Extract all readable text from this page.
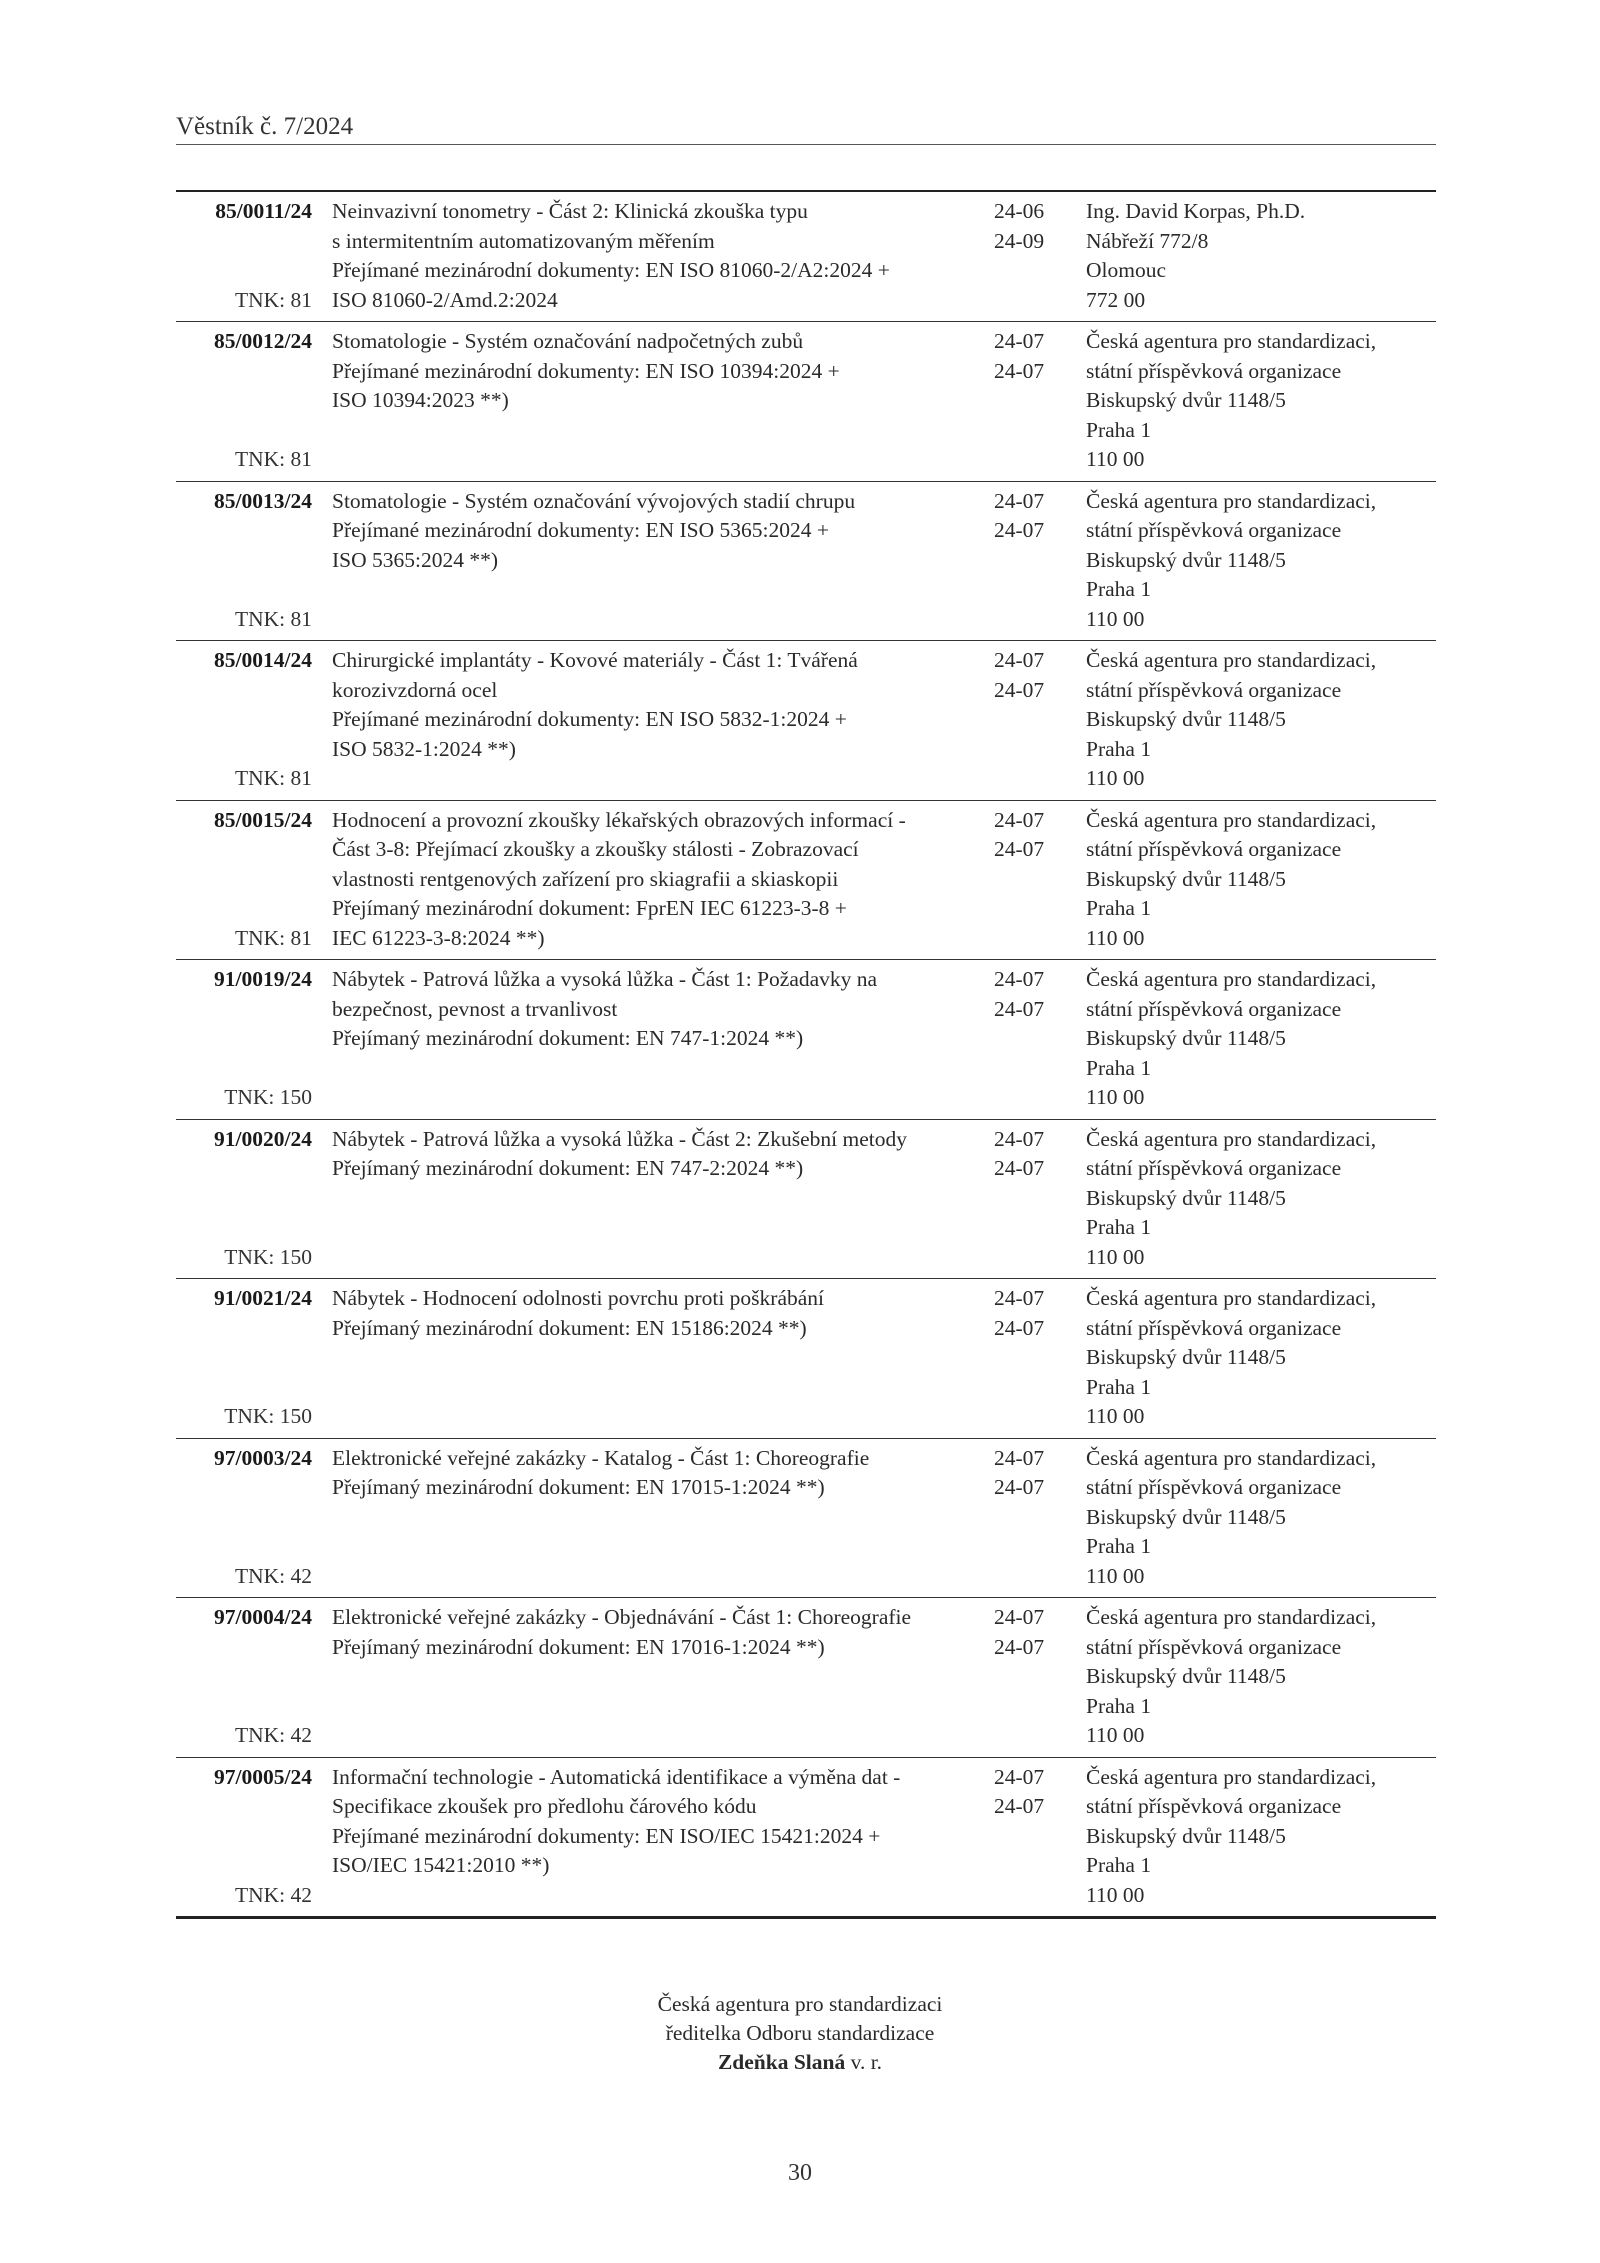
Věstník č. 7/2024
85/0011/24
TNK: 81
Neinvazivní tonometry - Část 2: Klinická zkouška typu
s intermitentním automatizovaným měřením
Přejímané mezinárodní dokumenty: EN ISO 81060-2/A2:2024 +
ISO 81060-2/Amd.2:2024
24-06
24-09
Ing. David Korpas, Ph.D.
Nábřeží 772/8
Olomouc
772 00
85/0012/24
TNK: 81
Stomatologie - Systém označování nadpočetných zubů
Přejímané mezinárodní dokumenty: EN ISO 10394:2024 +
ISO 10394:2023 **)
24-07
24-07
Česká agentura pro standardizaci,
státní příspěvková organizace
Biskupský dvůr 1148/5
Praha 1
110 00
85/0013/24
TNK: 81
Stomatologie - Systém označování vývojových stadií chrupu
Přejímané mezinárodní dokumenty: EN ISO 5365:2024 +
ISO 5365:2024 **)
24-07
24-07
Česká agentura pro standardizaci,
státní příspěvková organizace
Biskupský dvůr 1148/5
Praha 1
110 00
85/0014/24
TNK: 81
Chirurgické implantáty - Kovové materiály - Část 1: Tvářená
korozivzdorná ocel
Přejímané mezinárodní dokumenty: EN ISO 5832-1:2024 +
ISO 5832-1:2024 **)
24-07
24-07
Česká agentura pro standardizaci,
státní příspěvková organizace
Biskupský dvůr 1148/5
Praha 1
110 00
85/0015/24
TNK: 81
Hodnocení a provozní zkoušky lékařských obrazových informací -
Část 3-8: Přejímací zkoušky a zkoušky stálosti - Zobrazovací
vlastnosti rentgenových zařízení pro skiagrafii a skiaskopii
Přejímaný mezinárodní dokument: FprEN IEC 61223-3-8 +
IEC 61223-3-8:2024 **)
24-07
24-07
Česká agentura pro standardizaci,
státní příspěvková organizace
Biskupský dvůr 1148/5
Praha 1
110 00
91/0019/24
TNK: 150
Nábytek - Patrová lůžka a vysoká lůžka - Část 1: Požadavky na
bezpečnost, pevnost a trvanlivost
Přejímaný mezinárodní dokument: EN 747-1:2024 **)
24-07
24-07
Česká agentura pro standardizaci,
státní příspěvková organizace
Biskupský dvůr 1148/5
Praha 1
110 00
91/0020/24
TNK: 150
Nábytek - Patrová lůžka a vysoká lůžka - Část 2: Zkušební metody
Přejímaný mezinárodní dokument: EN 747-2:2024 **)
24-07
24-07
Česká agentura pro standardizaci,
státní příspěvková organizace
Biskupský dvůr 1148/5
Praha 1
110 00
91/0021/24
TNK: 150
Nábytek - Hodnocení odolnosti povrchu proti poškrábání
Přejímaný mezinárodní dokument: EN 15186:2024 **)
24-07
24-07
Česká agentura pro standardizaci,
státní příspěvková organizace
Biskupský dvůr 1148/5
Praha 1
110 00
97/0003/24
TNK: 42
Elektronické veřejné zakázky - Katalog - Část 1: Choreografie
Přejímaný mezinárodní dokument: EN 17015-1:2024 **)
24-07
24-07
Česká agentura pro standardizaci,
státní příspěvková organizace
Biskupský dvůr 1148/5
Praha 1
110 00
97/0004/24
TNK: 42
Elektronické veřejné zakázky - Objednávání - Část 1: Choreografie
Přejímaný mezinárodní dokument: EN 17016-1:2024 **)
24-07
24-07
Česká agentura pro standardizaci,
státní příspěvková organizace
Biskupský dvůr 1148/5
Praha 1
110 00
97/0005/24
TNK: 42
Informační technologie - Automatická identifikace a výměna dat -
Specifikace zkoušek pro předlohu čárového kódu
Přejímané mezinárodní dokumenty: EN ISO/IEC 15421:2024 +
ISO/IEC 15421:2010 **)
24-07
24-07
Česká agentura pro standardizaci,
státní příspěvková organizace
Biskupský dvůr 1148/5
Praha 1
110 00
Česká agentura pro standardizaci
ředitelka Odboru standardizace
Zdeňka Slaná v. r.
30
